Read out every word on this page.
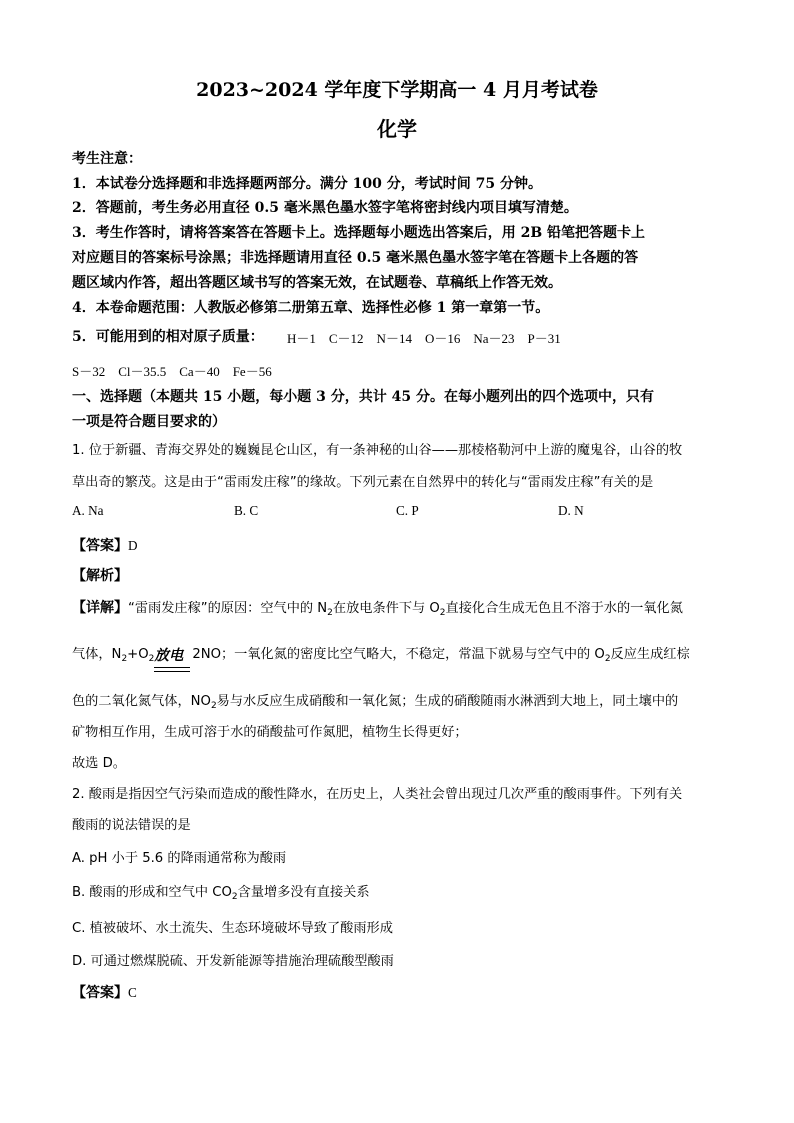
2023~2024 学年度下学期高一 4 月月考试卷
化学
考生注意：
1．本试卷分选择题和非选择题两部分。满分 100 分，考试时间 75 分钟。
2．答题前，考生务必用直径 0.5 毫米黑色墨水签字笔将密封线内项目填写清楚。
3．考生作答时，请将答案答在答题卡上。选择题每小题选出答案后，用 2B 铅笔把答题卡上
对应题目的答案标号涂黑；非选择题请用直径 0.5 毫米黑色墨水签字笔在答题卡上各题的答
题区域内作答，超出答题区域书写的答案无效，在试题卷、草稿纸上作答无效。
4．本卷命题范围：人教版必修第二册第五章、选择性必修 1 第一章第一节。
5．可能用到的相对原子质量： H－1　C－12　N－14　O－16　Na－23　P－31
S－32　Cl－35.5　Ca－40　Fe－56
一、选择题（本题共 15 小题，每小题 3 分，共计 45 分。在每小题列出的四个选项中，只有
一项是符合题目要求的）
1. 位于新疆、青海交界处的巍巍昆仑山区，有一条神秘的山谷——那棱格勒河中上游的魔鬼谷，山谷的牧
草出奇的繁茂。这是由于“雷雨发庄稼”的缘故。下列元素在自然界中的转化与“雷雨发庄稼”有关的是
A. Na	B. C	C. P	D. N
【答案】D
【解析】
【详解】“雷雨发庄稼”的原因：空气中的 $N_2$在放电条件下与 $O_2$直接化合生成无色且不溶于水的一氧化氮
气体，$N_2+O_2$ 放电 2NO；一氧化氮的密度比空气略大，不稳定，常温下就易与空气中的 $O_2$反应生成红棕
色的二氧化氮气体，$NO_2$易与水反应生成硝酸和一氧化氮；生成的硝酸随雨水淋洒到大地上，同土壤中的
矿物相互作用，生成可溶于水的硝酸盐可作氮肥，植物生长得更好；
故选 D。
2. 酸雨是指因空气污染而造成的酸性降水，在历史上，人类社会曾出现过几次严重的酸雨事件。下列有关
酸雨的说法错误的是
A. pH 小于 5.6 的降雨通常称为酸雨
B. 酸雨的形成和空气中 $CO_2$含量增多没有直接关系
C. 植被破坏、水土流失、生态环境破坏导致了酸雨形成
D. 可通过燃煤脱硫、开发新能源等措施治理硫酸型酸雨
【答案】C
